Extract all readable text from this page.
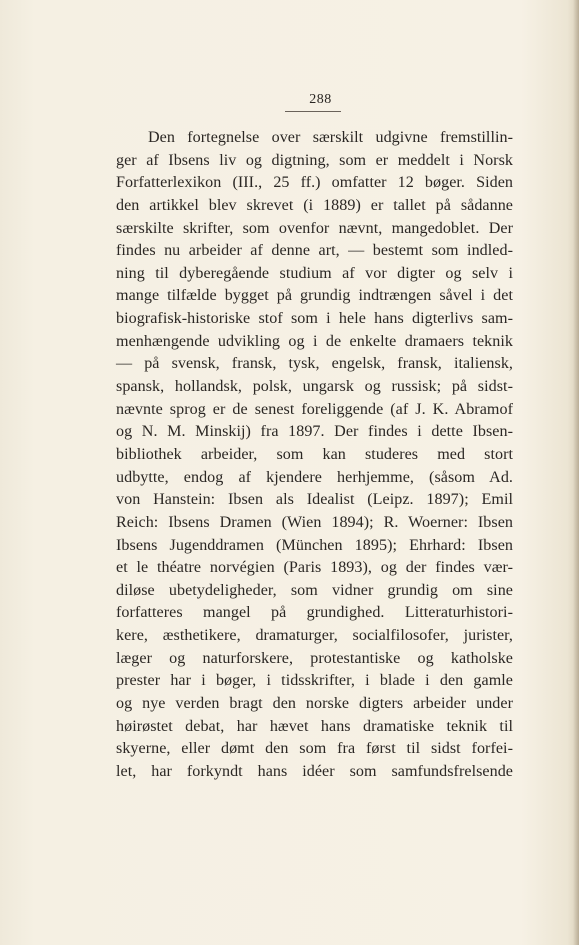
288
Den fortegnelse over særskilt udgivne fremstillin-
ger af Ibsens liv og digtning, som er meddelt i Norsk
Forfatterlexikon (III., 25 ff.) omfatter 12 bøger. Siden
den artikkel blev skrevet (i 1889) er tallet på sådanne
særskilte skrifter, som ovenfor nævnt, mangedoblet. Der
findes nu arbeider af denne art, — bestemt som indled-
ning til dyberegående studium af vor digter og selv i
mange tilfælde bygget på grundig indtrængen såvel i det
biografisk-historiske stof som i hele hans digterlivs sam-
menhængende udvikling og i de enkelte dramaers teknik
— på svensk, fransk, tysk, engelsk, fransk, italiensk,
spansk, hollandsk, polsk, ungarsk og russisk; på sidst-
nævnte sprog er de senest foreliggende (af J. K. Abramof
og N. M. Minskij) fra 1897. Der findes i dette Ibsen-
bibliothek arbeider, som kan studeres med stort
udbytte, endog af kjendere herhjemme, (såsom Ad.
von Hanstein: Ibsen als Idealist (Leipz. 1897); Emil
Reich: Ibsens Dramen (Wien 1894); R. Woerner: Ibsen
Ibsens Jugenddramen (München 1895); Ehrhard: Ibsen
et le théatre norvégien (Paris 1893), og der findes vær-
diløse ubetydeligheder, som vidner grundig om sine
forfatteres mangel på grundighed. Litteraturhistori-
kere, æsthetikere, dramaturger, socialfilosofer, jurister,
læger og naturforskere, protestantiske og katholske
prester har i bøger, i tidsskrifter, i blade i den gamle
og nye verden bragt den norske digters arbeider under
høirøstet debat, har hævet hans dramatiske teknik til
skyerne, eller dømt den som fra først til sidst forfei-
let, har forkyndt hans idéer som samfundsfrelsende
